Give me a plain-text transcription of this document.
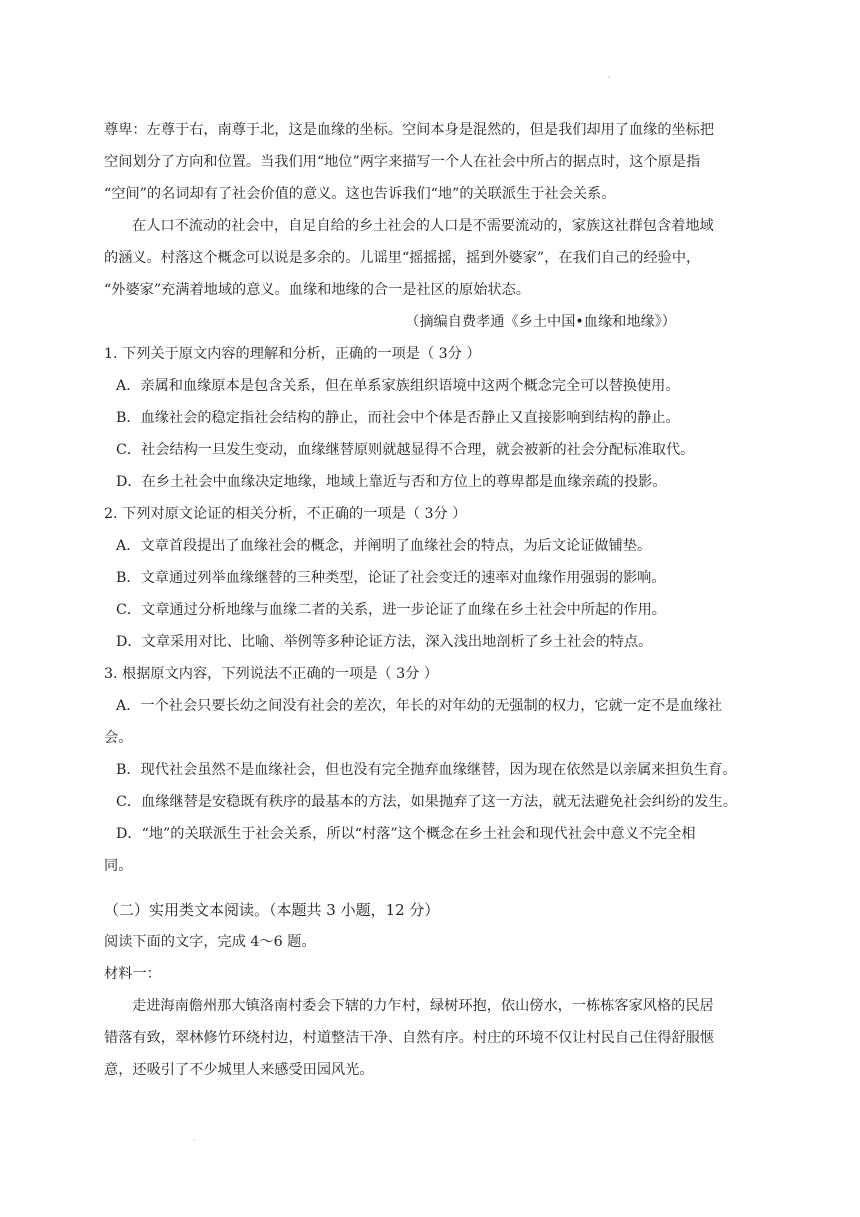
尊卑：左尊于右，南尊于北，这是血缘的坐标。空间本身是混然的，但是我们却用了血缘的坐标把

空间划分了方向和位置。当我们用“地位”两字来描写一个人在社会中所占的据点时，这个原是指

“空间”的名词却有了社会价值的意义。这也告诉我们“地”的关联派生于社会关系。

在人口不流动的社会中，自足自给的乡土社会的人口是不需要流动的，家族这社群包含着地域

的涵义。村落这个概念可以说是多余的。儿谣里“摇摇摇，摇到外婆家”，在我们自己的经验中，

“外婆家”充满着地域的意义。血缘和地缘的合一是社区的原始状态。

（摘编自费孝通《乡土中国•血缘和地缘》）

1. 下列关于原文内容的理解和分析，正确的一项是（ 3分 ）

A．亲属和血缘原本是包含关系，但在单系家族组织语境中这两个概念完全可以替换使用。

B．血缘社会的稳定指社会结构的静止，而社会中个体是否静止又直接影响到结构的静止。

C．社会结构一旦发生变动，血缘继替原则就越显得不合理，就会被新的社会分配标准取代。

D．在乡土社会中血缘决定地缘，地域上靠近与否和方位上的尊卑都是血缘亲疏的投影。

2. 下列对原文论证的相关分析，不正确的一项是（ 3分 ）

A．文章首段提出了血缘社会的概念，并阐明了血缘社会的特点，为后文论证做铺垫。

B．文章通过列举血缘继替的三种类型，论证了社会变迁的速率对血缘作用强弱的影响。

C．文章通过分析地缘与血缘二者的关系，进一步论证了血缘在乡土社会中所起的作用。

D．文章采用对比、比喻、举例等多种论证方法，深入浅出地剖析了乡土社会的特点。

3. 根据原文内容，下列说法不正确的一项是（ 3分 ）

A．一个社会只要长幼之间没有社会的差次，年长的对年幼的无强制的权力，它就一定不是血缘社

会。

B．现代社会虽然不是血缘社会，但也没有完全抛弃血缘继替，因为现在依然是以亲属来担负生育。

C．血缘继替是安稳既有秩序的最基本的方法，如果抛弃了这一方法，就无法避免社会纠纷的发生。

D．“地”的关联派生于社会关系，所以“村落”这个概念在乡土社会和现代社会中意义不完全相

同。

（二）实用类文本阅读。（本题共 3 小题，12 分）

阅读下面的文字，完成 4～6 题。

材料一：

走进海南儋州那大镇洛南村委会下辖的力乍村，绿树环抱，依山傍水，一栋栋客家风格的民居

错落有致，翠林修竹环绕村边，村道整洁干净、自然有序。村庄的环境不仅让村民自己住得舒服惬

意，还吸引了不少城里人来感受田园风光。
